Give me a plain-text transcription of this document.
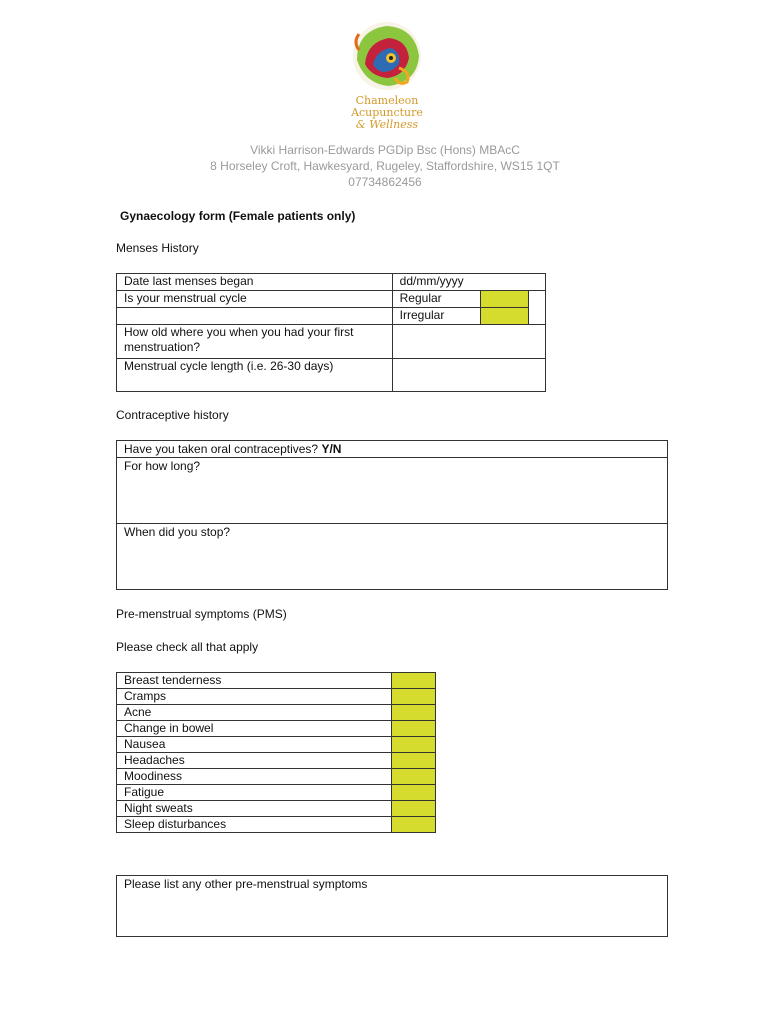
Chameleon
Acupuncture
& Wellness
Vikki Harrison-Edwards PGDip Bsc (Hons) MBAcC
8 Horseley Croft, Hawkesyard, Rugeley, Staffordshire, WS15 1QT
07734862456
Gynaecology form (Female patients only)
Menses History
Date last menses began	dd/mm/yyyy		
Is your menstrual cycle	Regular		
	Irregular		
How old where you when you had your first menstruation?			
Menstrual cycle length (i.e. 26-30 days)			
Contraceptive history
Have you taken oral contraceptives? Y/N
For how long?
When did you stop?
Pre-menstrual symptoms (PMS)
Please check all that apply
Breast tenderness	
Cramps	
Acne	
Change in bowel	
Nausea	
Headaches	
Moodiness	
Fatigue	
Night sweats	
Sleep disturbances	
Please list any other pre-menstrual symptoms
